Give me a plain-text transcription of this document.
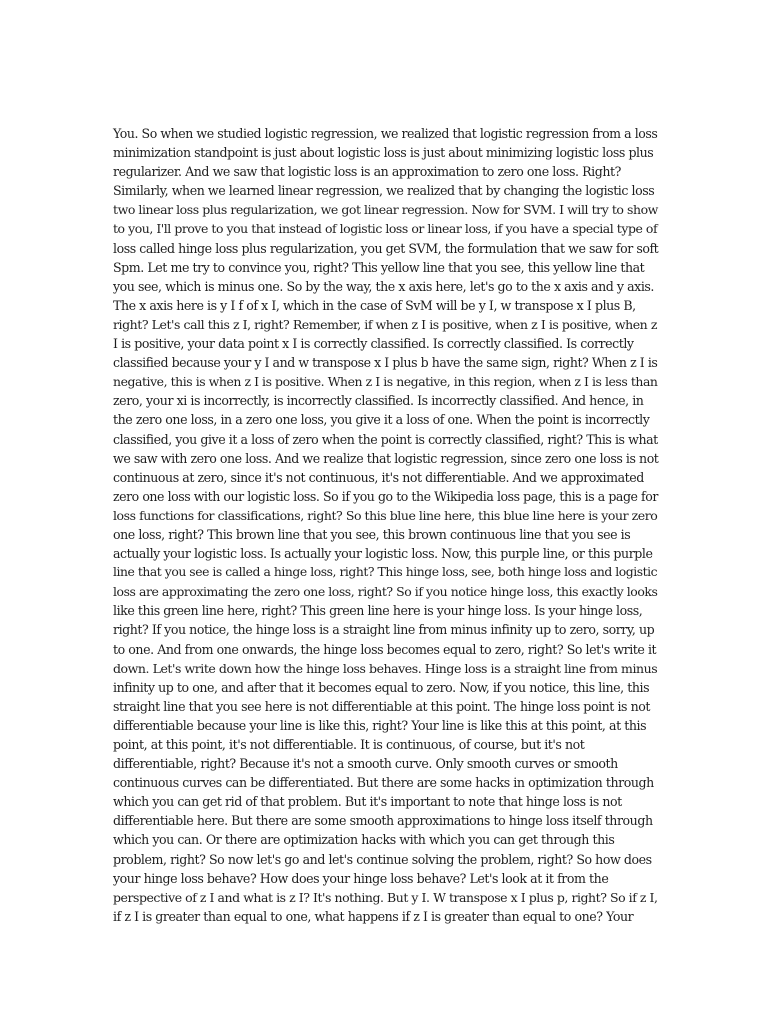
You. So when we studied logistic regression, we realized that logistic regression from a loss
minimization standpoint is just about logistic loss is just about minimizing logistic loss plus
regularizer. And we saw that logistic loss is an approximation to zero one loss. Right?
Similarly, when we learned linear regression, we realized that by changing the logistic loss
two linear loss plus regularization, we got linear regression. Now for SVM. I will try to show
to you, I'll prove to you that instead of logistic loss or linear loss, if you have a special type of
loss called hinge loss plus regularization, you get SVM, the formulation that we saw for soft
Spm. Let me try to convince you, right? This yellow line that you see, this yellow line that
you see, which is minus one. So by the way, the x axis here, let's go to the x axis and y axis.
The x axis here is y I f of x I, which in the case of SvM will be y I, w transpose x I plus B,
right? Let's call this z I, right? Remember, if when z I is positive, when z I is positive, when z
I is positive, your data point x I is correctly classified. Is correctly classified. Is correctly
classified because your y I and w transpose x I plus b have the same sign, right? When z I is
negative, this is when z I is positive. When z I is negative, in this region, when z I is less than
zero, your xi is incorrectly, is incorrectly classified. Is incorrectly classified. And hence, in
the zero one loss, in a zero one loss, you give it a loss of one. When the point is incorrectly
classified, you give it a loss of zero when the point is correctly classified, right? This is what
we saw with zero one loss. And we realize that logistic regression, since zero one loss is not
continuous at zero, since it's not continuous, it's not differentiable. And we approximated
zero one loss with our logistic loss. So if you go to the Wikipedia loss page, this is a page for
loss functions for classifications, right? So this blue line here, this blue line here is your zero
one loss, right? This brown line that you see, this brown continuous line that you see is
actually your logistic loss. Is actually your logistic loss. Now, this purple line, or this purple
line that you see is called a hinge loss, right? This hinge loss, see, both hinge loss and logistic
loss are approximating the zero one loss, right? So if you notice hinge loss, this exactly looks
like this green line here, right? This green line here is your hinge loss. Is your hinge loss,
right? If you notice, the hinge loss is a straight line from minus infinity up to zero, sorry, up
to one. And from one onwards, the hinge loss becomes equal to zero, right? So let's write it
down. Let's write down how the hinge loss behaves. Hinge loss is a straight line from minus
infinity up to one, and after that it becomes equal to zero. Now, if you notice, this line, this
straight line that you see here is not differentiable at this point. The hinge loss point is not
differentiable because your line is like this, right? Your line is like this at this point, at this
point, at this point, it's not differentiable. It is continuous, of course, but it's not
differentiable, right? Because it's not a smooth curve. Only smooth curves or smooth
continuous curves can be differentiated. But there are some hacks in optimization through
which you can get rid of that problem. But it's important to note that hinge loss is not
differentiable here. But there are some smooth approximations to hinge loss itself through
which you can. Or there are optimization hacks with which you can get through this
problem, right? So now let's go and let's continue solving the problem, right? So how does
your hinge loss behave? How does your hinge loss behave? Let's look at it from the
perspective of z I and what is z I? It's nothing. But y I. W transpose x I plus p, right? So if z I,
if z I is greater than equal to one, what happens if z I is greater than equal to one? Your
